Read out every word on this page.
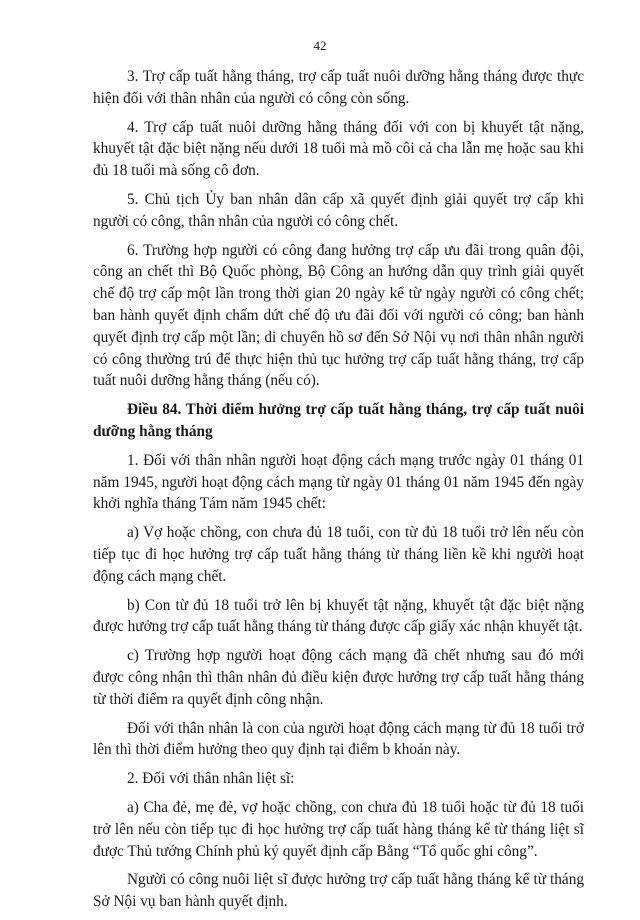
42

3. Trợ cấp tuất hằng tháng, trợ cấp tuất nuôi dưỡng hằng tháng được thực hiện đối với thân nhân của người có công còn sống.

4. Trợ cấp tuất nuôi dưỡng hằng tháng đối với con bị khuyết tật nặng, khuyết tật đặc biệt nặng nếu dưới 18 tuổi mà mồ côi cả cha lẫn mẹ hoặc sau khi đủ 18 tuổi mà sống cô đơn.

5. Chủ tịch Ủy ban nhân dân cấp xã quyết định giải quyết trợ cấp khi người có công, thân nhân của người có công chết.

6. Trường hợp người có công đang hưởng trợ cấp ưu đãi trong quân đội, công an chết thì Bộ Quốc phòng, Bộ Công an hướng dẫn quy trình giải quyết chế độ trợ cấp một lần trong thời gian 20 ngày kể từ ngày người có công chết; ban hành quyết định chấm dứt chế độ ưu đãi đối với người có công; ban hành quyết định trợ cấp một lần; di chuyển hồ sơ đến Sở Nội vụ nơi thân nhân người có công thường trú để thực hiện thủ tục hưởng trợ cấp tuất hằng tháng, trợ cấp tuất nuôi dưỡng hằng tháng (nếu có).

Điều 84. Thời điểm hưởng trợ cấp tuất hằng tháng, trợ cấp tuất nuôi dưỡng hằng tháng

1. Đối với thân nhân người hoạt động cách mạng trước ngày 01 tháng 01 năm 1945, người hoạt động cách mạng từ ngày 01 tháng 01 năm 1945 đến ngày khởi nghĩa tháng Tám năm 1945 chết:

a) Vợ hoặc chồng, con chưa đủ 18 tuổi, con từ đủ 18 tuổi trở lên nếu còn tiếp tục đi học hưởng trợ cấp tuất hằng tháng từ tháng liền kề khi người hoạt động cách mạng chết.

b) Con từ đủ 18 tuổi trở lên bị khuyết tật nặng, khuyết tật đặc biệt nặng được hưởng trợ cấp tuất hằng tháng từ tháng được cấp giấy xác nhận khuyết tật.

c) Trường hợp người hoạt động cách mạng đã chết nhưng sau đó mới được công nhận thì thân nhân đủ điều kiện được hưởng trợ cấp tuất hằng tháng từ thời điểm ra quyết định công nhận.

Đối với thân nhân là con của người hoạt động cách mạng từ đủ 18 tuổi trở lên thì thời điểm hưởng theo quy định tại điểm b khoản này.

2. Đối với thân nhân liệt sĩ:

a) Cha đẻ, mẹ đẻ, vợ hoặc chồng, con chưa đủ 18 tuổi hoặc từ đủ 18 tuổi trở lên nếu còn tiếp tục đi học hưởng trợ cấp tuất hàng tháng kể từ tháng liệt sĩ được Thủ tướng Chính phủ ký quyết định cấp Bằng “Tổ quốc ghi công”.

Người có công nuôi liệt sĩ được hưởng trợ cấp tuất hằng tháng kể từ tháng Sở Nội vụ ban hành quyết định.
